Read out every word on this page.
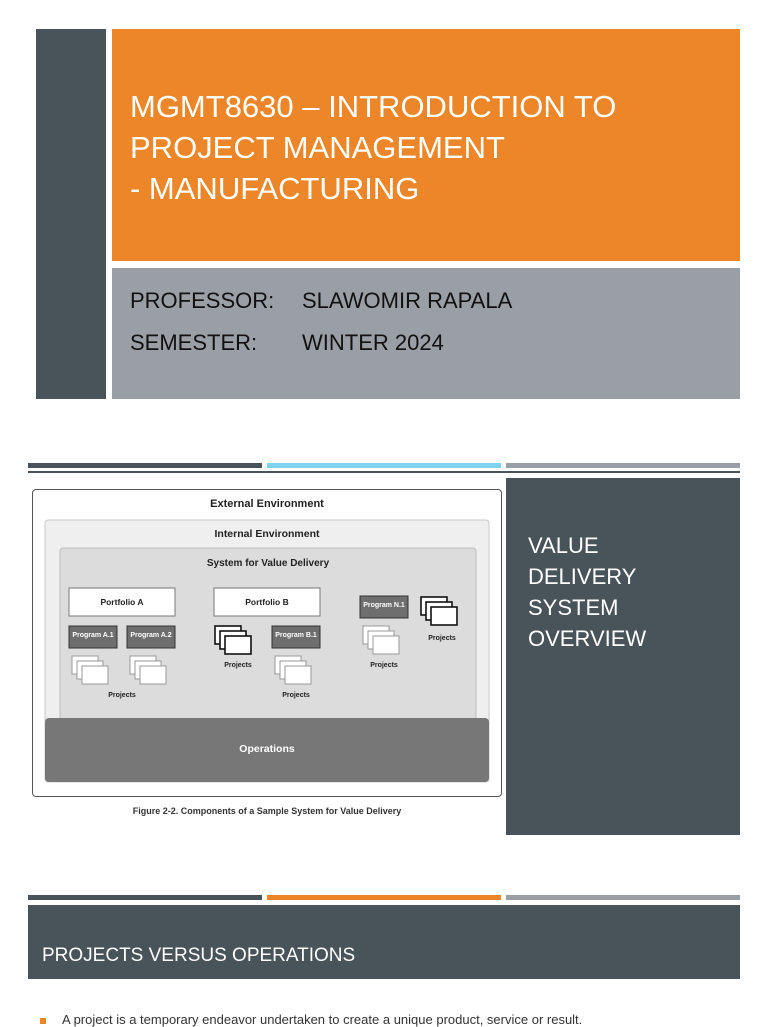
MGMT8630 – INTRODUCTION TO
PROJECT MANAGEMENT
- MANUFACTURING
PROFESSOR: SLAWOMIR RAPALA
SEMESTER: WINTER 2024
External Environment
Internal Environment
System for Value Delivery
Portfolio A	Portfolio B
Program A.1	Program A.2	Program B.1
Program N.1
Projects
Projects
Projects
Projects
Projects
Operations
Figure 2-2. Components of a Sample System for Value Delivery
VALUE
DELIVERY
SYSTEM
OVERVIEW
PROJECTS VERSUS OPERATIONS
A project is a temporary endeavor undertaken to create a unique product, service or result.
